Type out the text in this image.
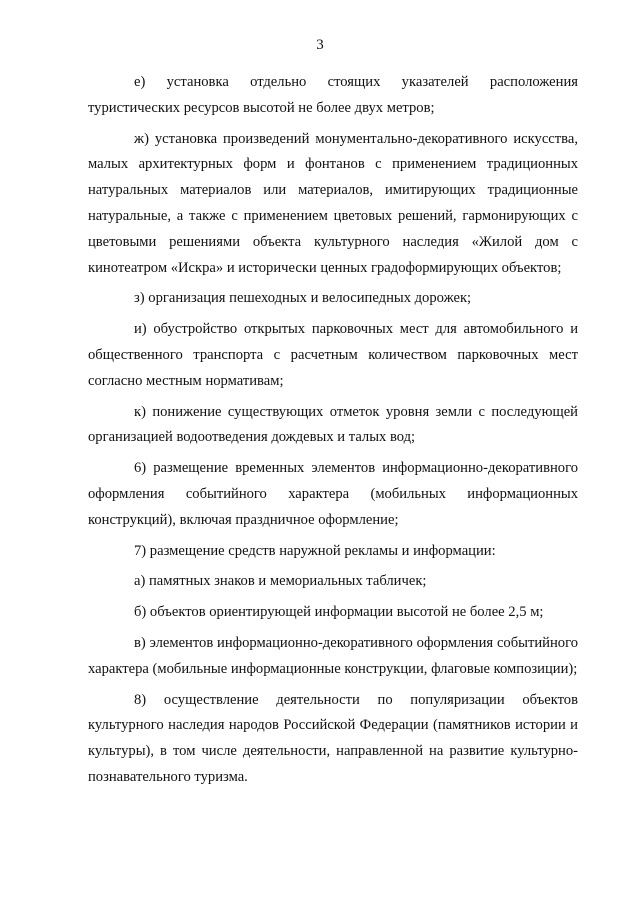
3

е) установка отдельно стоящих указателей расположения туристических ресурсов высотой не более двух метров;

ж) установка произведений монументально-декоративного искусства, малых архитектурных форм и фонтанов с применением традиционных натуральных материалов или материалов, имитирующих традиционные натуральные, а также с применением цветовых решений, гармонирующих с цветовыми решениями объекта культурного наследия «Жилой дом с кинотеатром «Искра» и исторически ценных градоформирующих объектов;

з) организация пешеходных и велосипедных дорожек;

и) обустройство открытых парковочных мест для автомобильного и общественного транспорта с расчетным количеством парковочных мест согласно местным нормативам;

к) понижение существующих отметок уровня земли с последующей организацией водоотведения дождевых и талых вод;

6) размещение временных элементов информационно-декоративного оформления событийного характера (мобильных информационных конструкций), включая праздничное оформление;

7) размещение средств наружной рекламы и информации:

а) памятных знаков и мемориальных табличек;

б) объектов ориентирующей информации высотой не более 2,5 м;

в) элементов информационно-декоративного оформления событийного характера (мобильные информационные конструкции, флаговые композиции);

8) осуществление деятельности по популяризации объектов культурного наследия народов Российской Федерации (памятников истории и культуры), в том числе деятельности, направленной на развитие культурно-познавательного туризма.
